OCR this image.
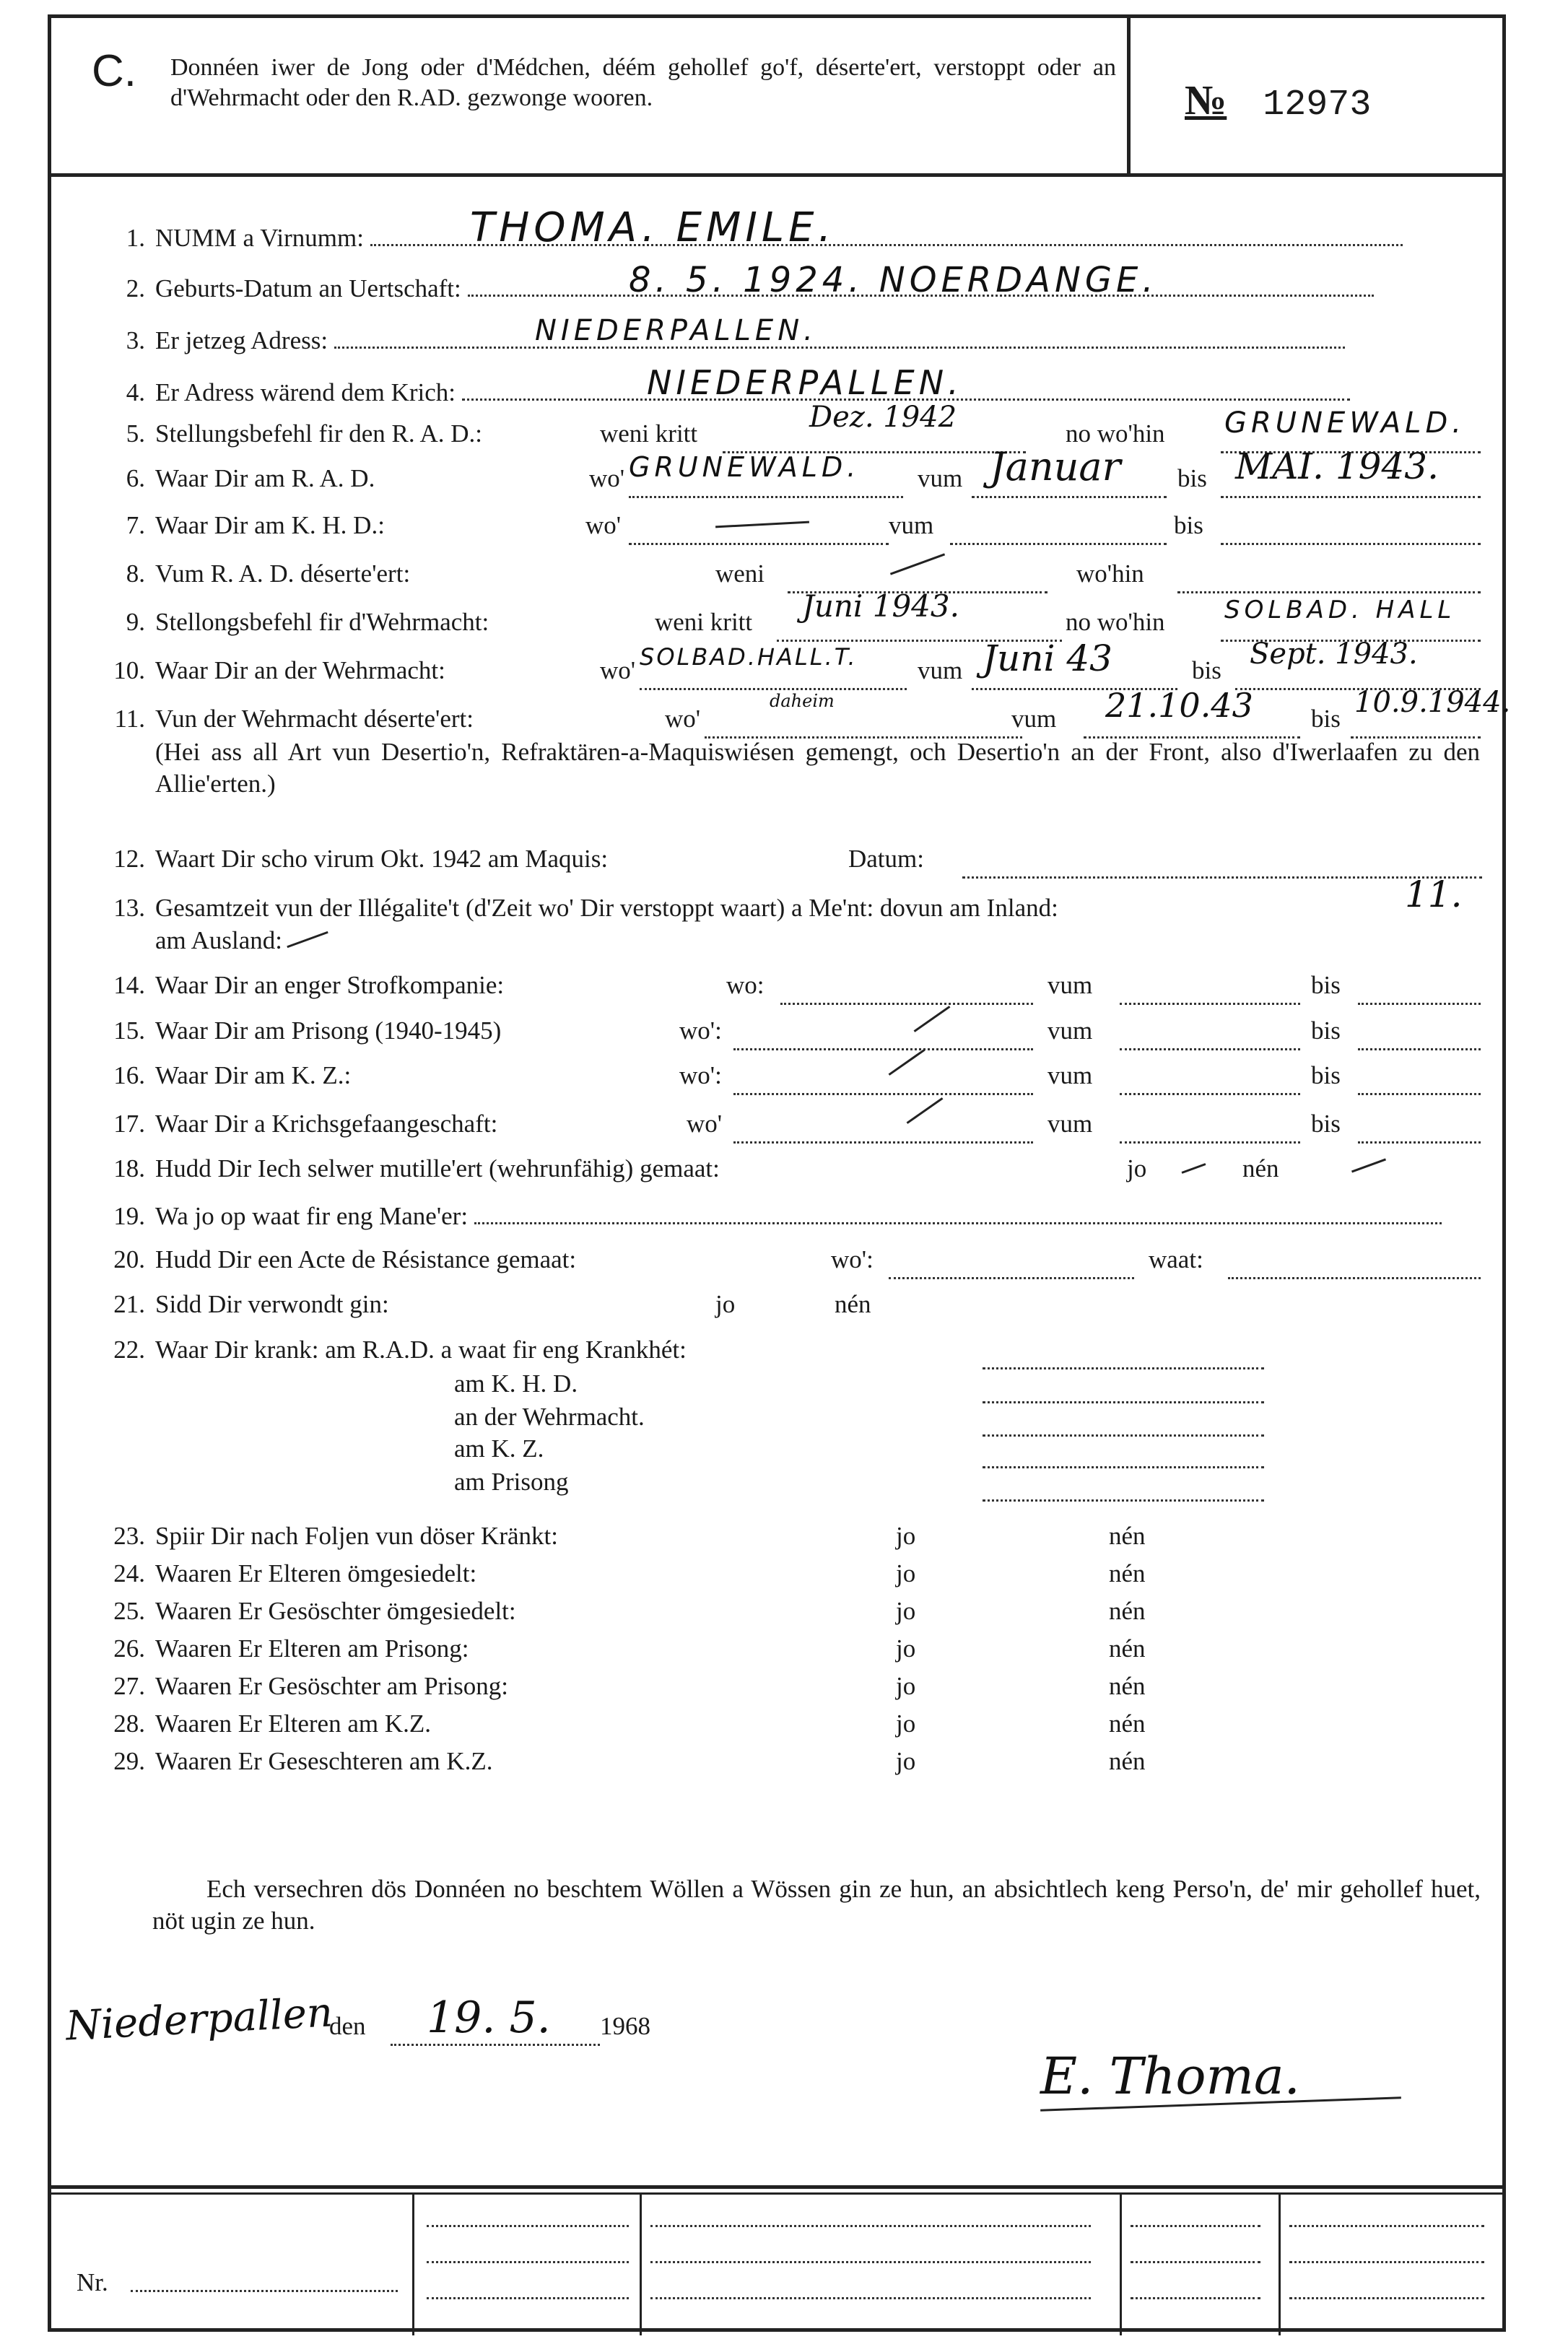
C. Donnéen iwer de Jong oder d'Médchen, déém gehollef go'f, déserte'ert, verstoppt oder an d'Wehrmacht oder den R.AD. gezwonge wooren.	№ 12973
1. NUMM a Virnumm:	THOMA. EMILE.
2. Geburts-Datum an Uertschaft:	8. 5. 1924. NOERDANGE.
3. Er jetzeg Adress:	NIEDERPALLEN.
4. Er Adress wärend dem Krich:	NIEDERPALLEN.
5. Stellungsbefehl fir den R. A. D.:	weni kritt	Dez. 1942	no wo'hin GRUNEWALD.
6. Waar Dir am R. A. D.	wo' GRUNEWALD. vum Januar bis MAI. 1943.
7. Waar Dir am K. H. D.:	wo'	vum	bis
8. Vum R. A. D. déserte'ert:	weni	wo'hin
9. Stellongsbefehl fir d'Wehrmacht:	weni kritt Juni 1943.	no wo'hin SOLBAD. HALL
10. Waar Dir an der Wehrmacht:	wo' SOLBAD.HALL.T. vum Juni 43	bis Sept. 1943.
11. Vun der Wehrmacht déserte'ert:	wo'
daheim
vum 21.10.43 bis 10.9.1944.
(Hei ass all Art vun Desertio'n, Refraktären-a-Maquiswiésen gemengt, och Desertio'n an der Front, also d'Iwerlaafen zu den Allie'erten.)
12. Waart Dir scho virum Okt. 1942 am Maquis:	Datum:
13. Gesamtzeit vun der Illégalite't (d'Zeit wo' Dir verstoppt waart) a Me'nt: dovun am Inland:	11.
am Ausland:
14. Waar Dir an enger Strofkompanie:	wo:	vum	bis
15. Waar Dir am Prisong (1940-1945)	wo':	vum	bis
16. Waar Dir am K. Z.:	wo':	vum	bis
17. Waar Dir a Krichsgefaangeschaft:	wo'	vum	bis
18. Hudd Dir Iech selwer mutille'ert (wehrunfähig) gemaat:	jo	nén
19. Wa jo op waat fir eng Mane'er:
20. Hudd Dir een Acte de Résistance gemaat:	wo':	waat:
21. Sidd Dir verwondt gin:	jo	nén
22. Waar Dir krank: am R.A.D. a waat fir eng Krankhét:
am K. H. D.
an der Wehrmacht.
am K. Z.
am Prisong
23. Spiir Dir nach Foljen vun döser Kränkt:	jo	nén
24. Waaren Er Elteren ömgesiedelt:	jo	nén
25. Waaren Er Gesöschter ömgesiedelt:	jo	nén
26. Waaren Er Elteren am Prisong:	jo	nén
27. Waaren Er Gesöschter am Prisong:	jo	nén
28. Waaren Er Elteren am K.Z.	jo	nén
29. Waaren Er Geseschteren am K.Z.	jo	nén
Ech versechren dös Donnéen no beschtem Wöllen a Wössen gin ze hun, an absichtlech keng Perso'n, de' mir gehollef huet, nöt ugin ze hun.
Niederpallen
den 19. 5. 1968
E. Thoma.
Nr.
